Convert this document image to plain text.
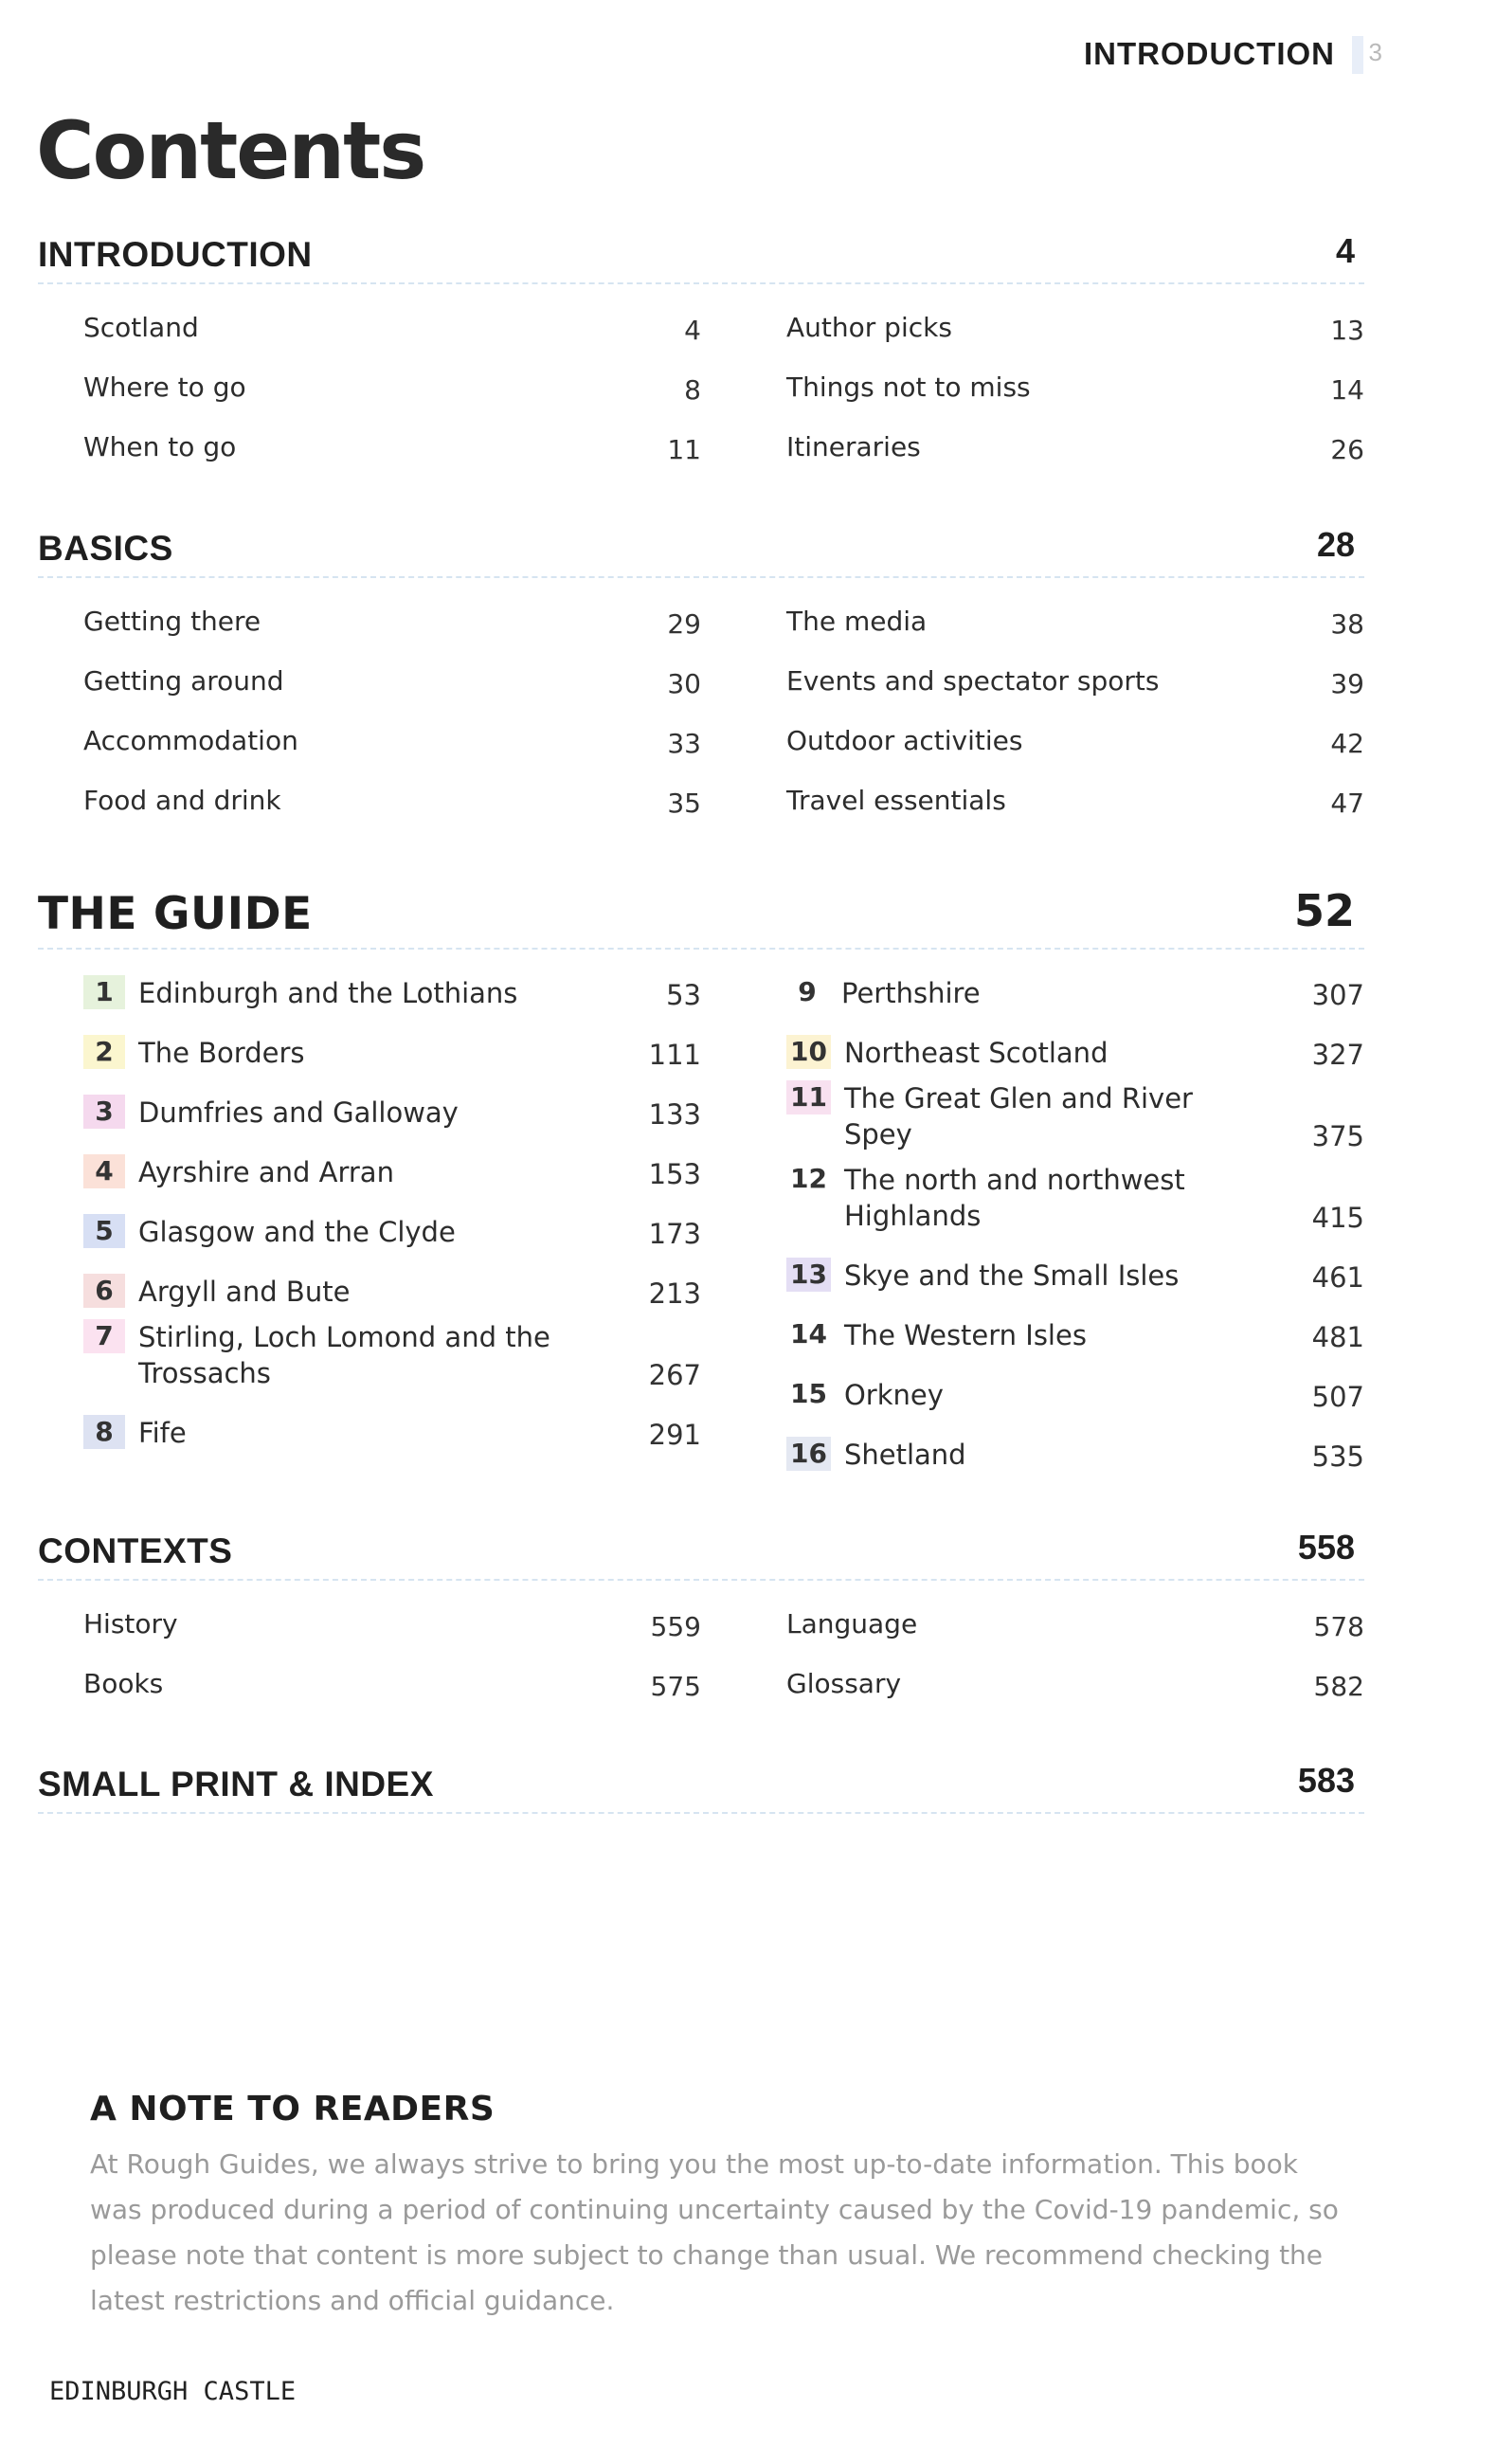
INTRODUCTION 3
Contents
INTRODUCTION	4
Scotland	4
Where to go	8
When to go	11
Author picks	13
Things not to miss	14
Itineraries	26
BASICS	28
Getting there	29
Getting around	30
Accommodation	33
Food and drink	35
The media	38
Events and spectator sports	39
Outdoor activities	42
Travel essentials	47
THE GUIDE	52
1 Edinburgh and the Lothians	53
2 The Borders	111
3 Dumfries and Galloway	133
4 Ayrshire and Arran	153
5 Glasgow and the Clyde	173
6 Argyll and Bute	213
7 Stirling, Loch Lomond and the Trossachs	267
8 Fife	291
9 Perthshire	307
10 Northeast Scotland	327
11 The Great Glen and River Spey	375
12 The north and northwest Highlands	415
13 Skye and the Small Isles	461
14 The Western Isles	481
15 Orkney	507
16 Shetland	535
CONTEXTS	558
History	559
Books	575
Language	578
Glossary	582
SMALL PRINT & INDEX	583
A NOTE TO READERS
At Rough Guides, we always strive to bring you the most up-to-date information. This book was produced during a period of continuing uncertainty caused by the Covid-19 pandemic, so please note that content is more subject to change than usual. We recommend checking the latest restrictions and official guidance.
EDINBURGH CASTLE
